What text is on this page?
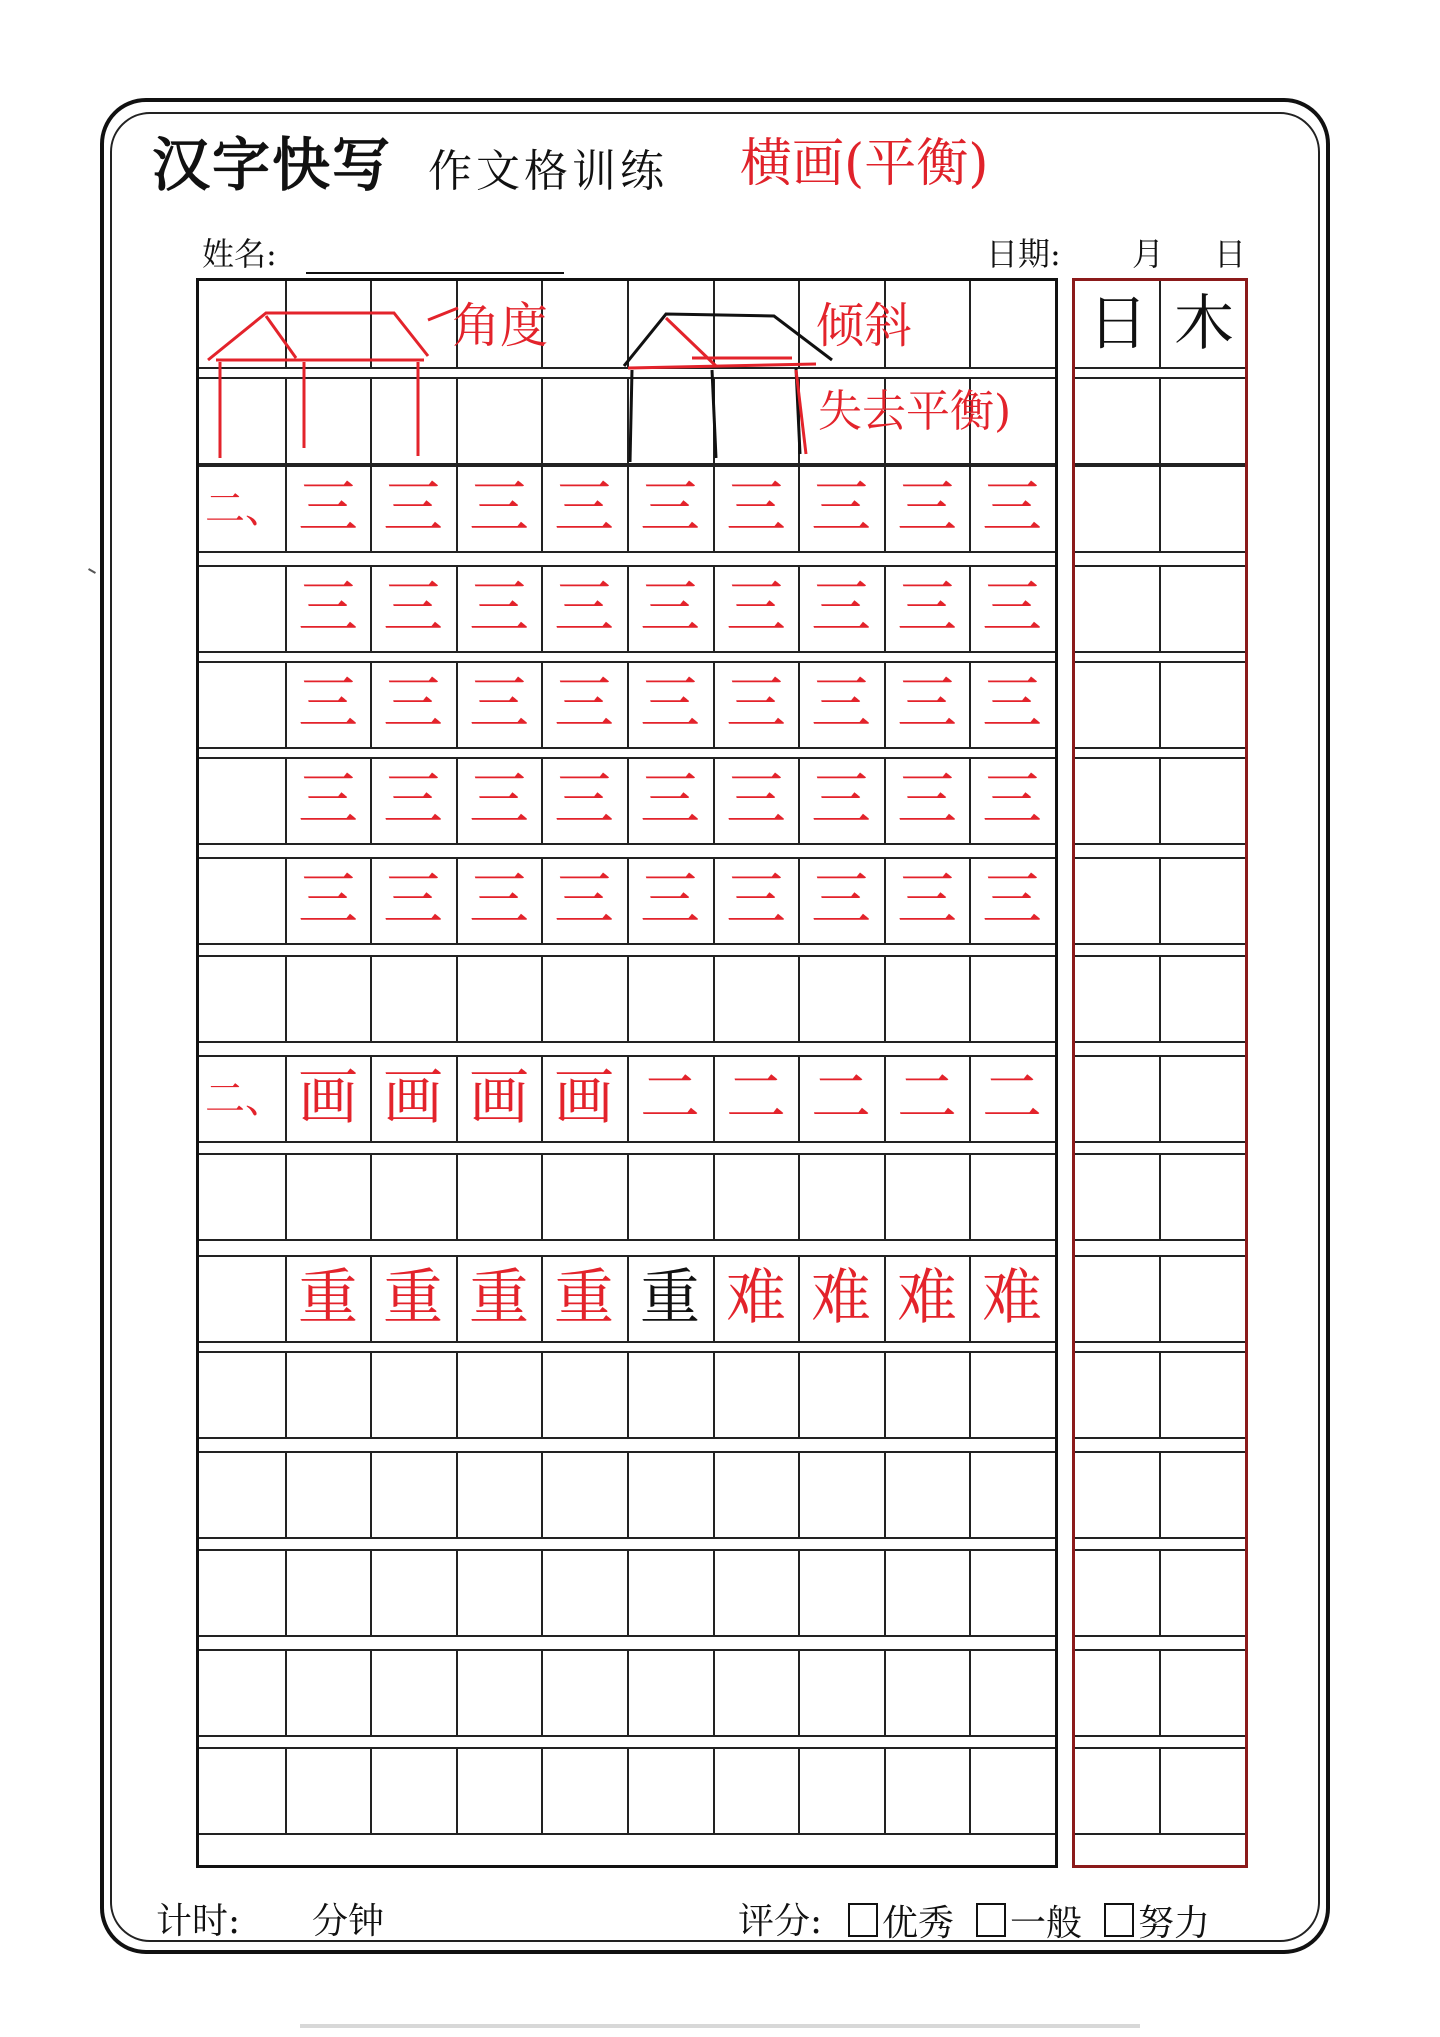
汉字快写 作文格训练 横画(平衡)
姓名:	日期: 月 日
二、 三 三 三 三 三 三 三 三 三
三 三 三 三 三 三 三 三 三
三 三 三 三 三 三 三 三 三
三 三 三 三 三 三 三 三 三
三 三 三 三 三 三 三 三 三
二、 画 画 画 画 二 二 二 二 二
重 重 重 重 重 难 难 难 难
日 木
角度	倾斜
失去平衡)
计时: 分钟	评分: 优秀 一般 努力
